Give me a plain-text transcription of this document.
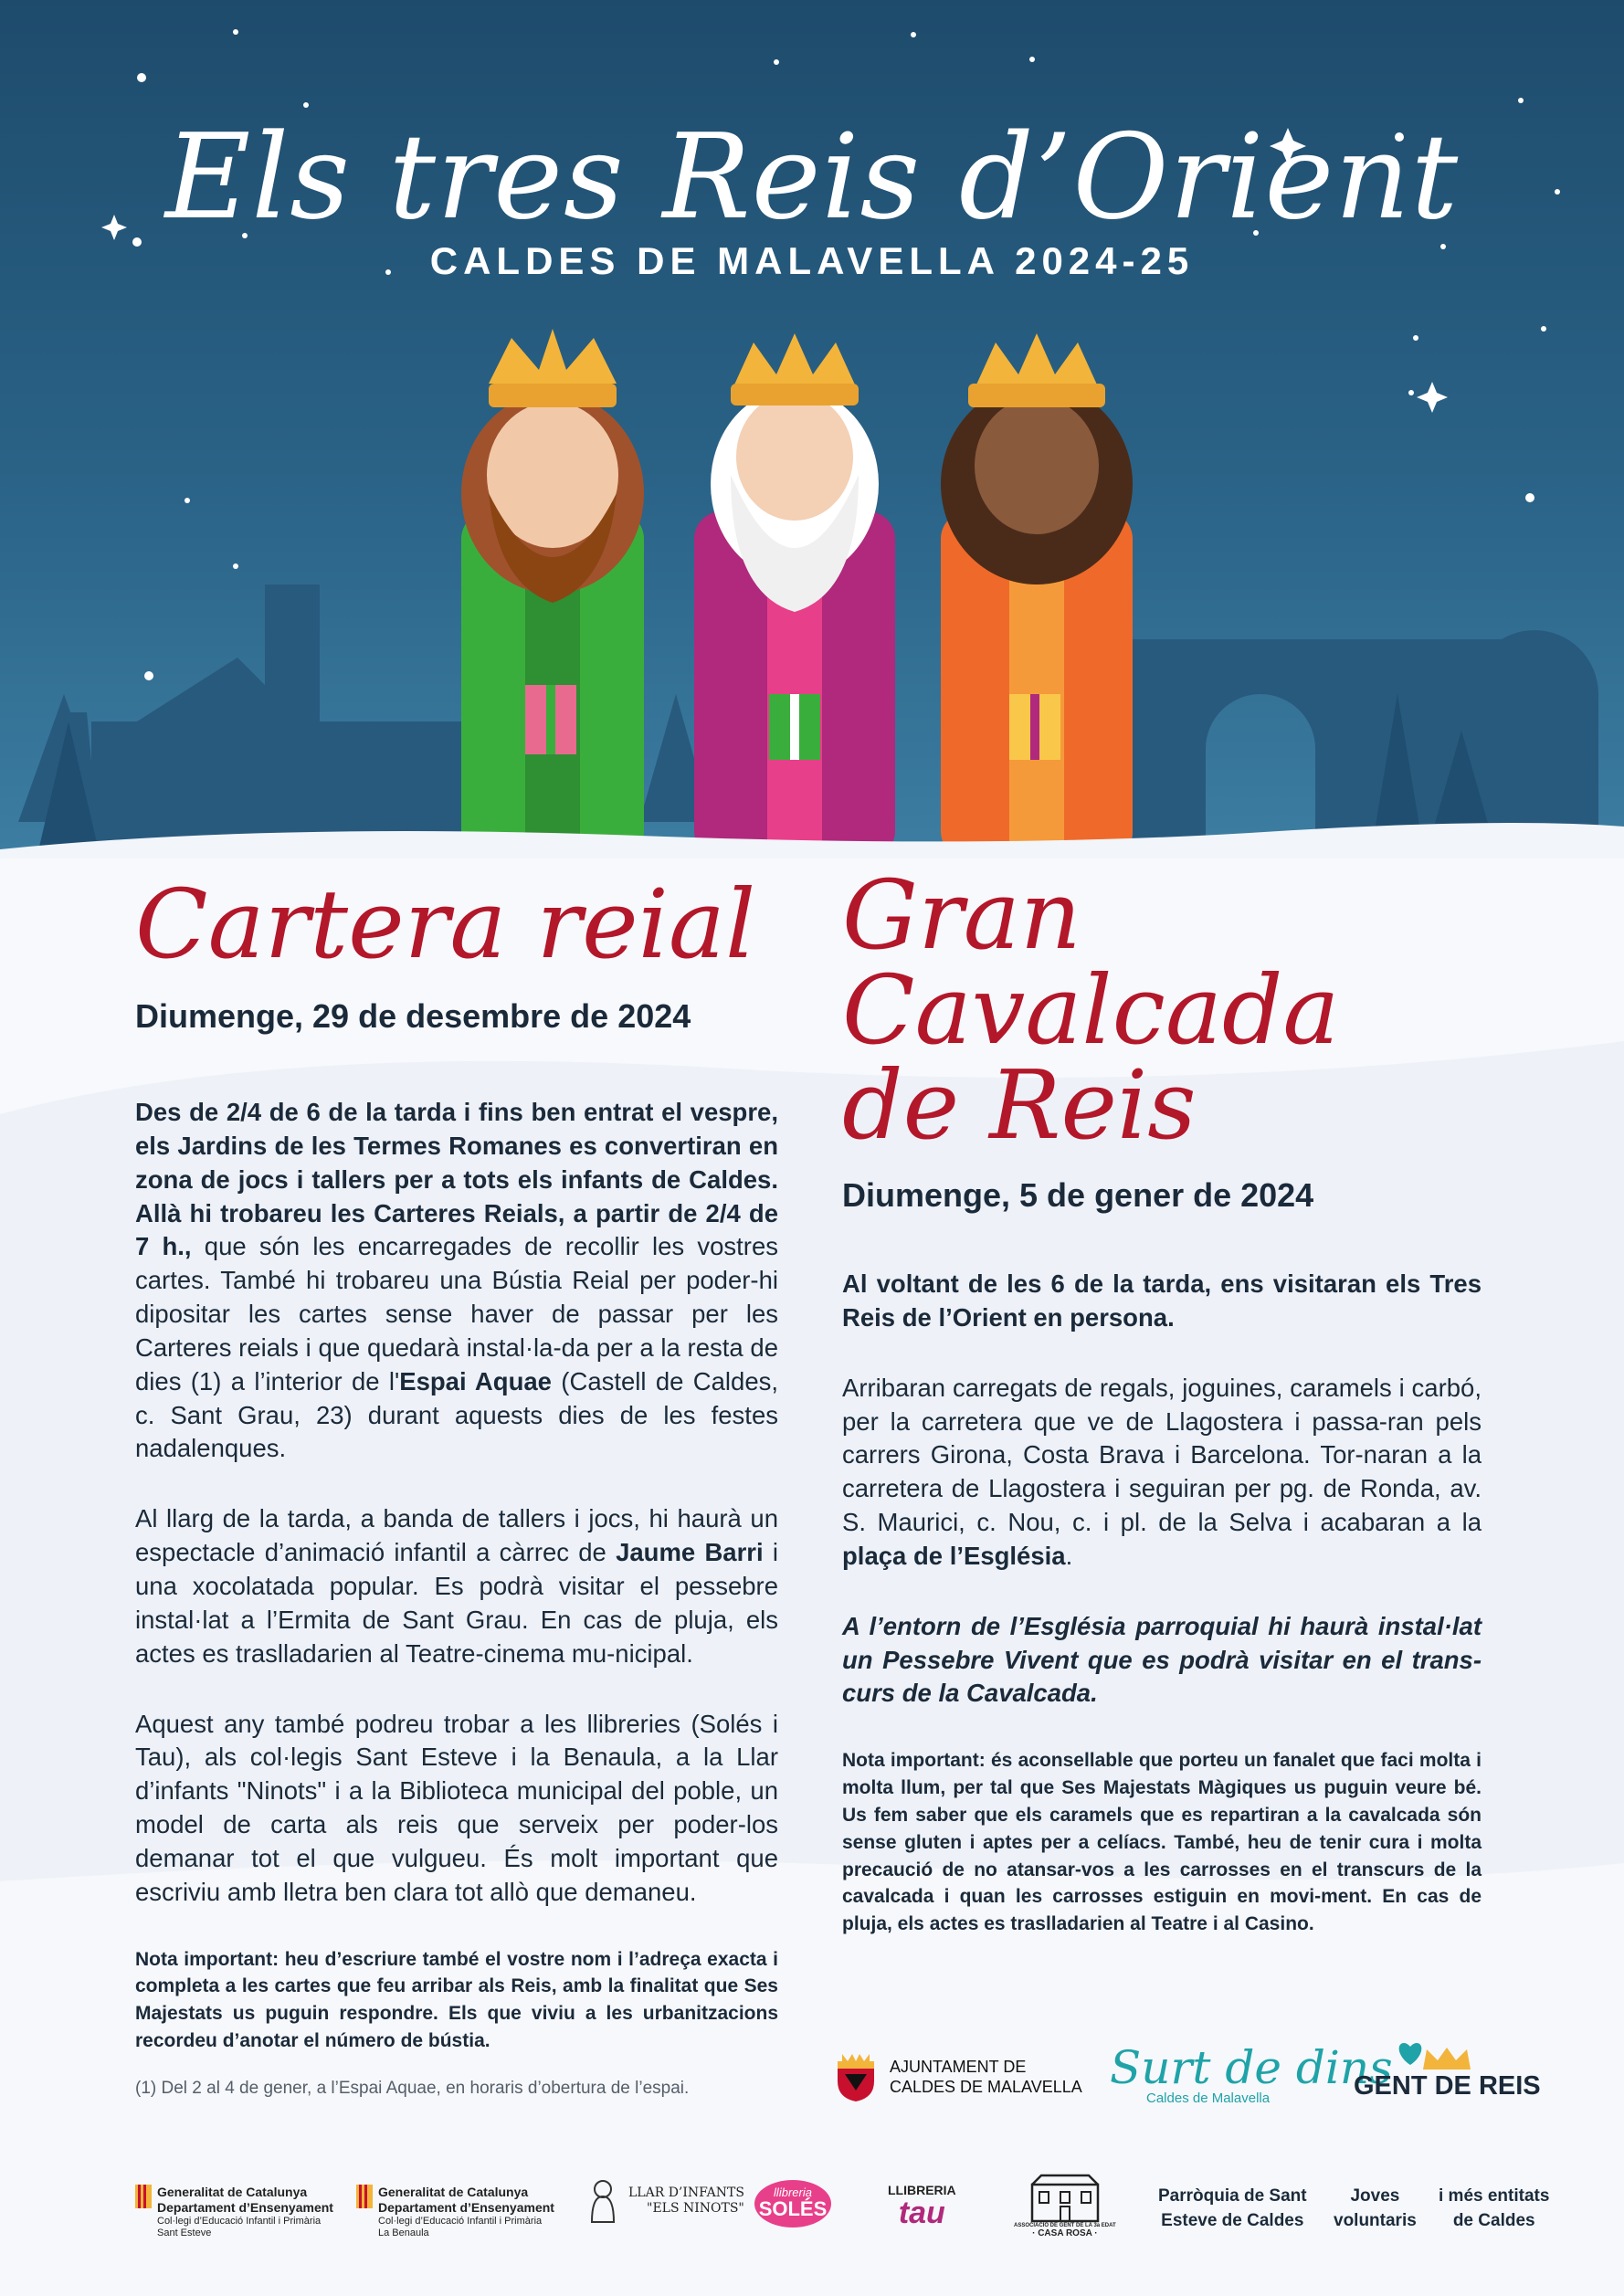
Els tres Reis d’Orient
CALDES DE MALAVELLA 2024-25
Cartera reial
Diumenge, 29 de desembre de 2024

Des de 2/4 de 6 de la tarda i fins ben entrat el vespre, els Jardins de les Termes Romanes es convertiran en zona de jocs i tallers per a tots els infants de Caldes. Allà hi trobareu les Carteres Reials, a partir de 2/4 de 7 h., que són les encarregades de recollir les vostres cartes. També hi trobareu una Bústia Reial per poder-hi dipositar les cartes sense haver de passar per les Carteres reials i que quedarà instal·la-da per a la resta de dies (1) a l’interior de l'Espai Aquae (Castell de Caldes, c. Sant Grau, 23) durant aquests dies de les festes nadalenques.

Al llarg de la tarda, a banda de tallers i jocs, hi haurà un espectacle d’animació infantil a càrrec de Jaume Barri i una xocolatada popular. Es podrà visitar el pessebre instal·lat a l’Ermita de Sant Grau. En cas de pluja, els actes es traslladarien al Teatre-cinema mu-nicipal.

Aquest any també podreu trobar a les llibreries (Solés i Tau), als col·legis Sant Esteve i la Benaula, a la Llar d’infants "Ninots" i a la Biblioteca municipal del poble, un model de carta als reis que serveix per poder-los demanar tot el que vulgueu. És molt important que escriviu amb lletra ben clara tot allò que demaneu.

Nota important: heu d’escriure també el vostre nom i l’adreça exacta i completa a les cartes que feu arribar als Reis, amb la finalitat que Ses Majestats us puguin respondre. Els que viviu a les urbanitzacions recordeu d’anotar el número de bústia.

(1) Del 2 al 4 de gener, a l’Espai Aquae, en horaris d’obertura de l’espai.

Gran Cavalcada
de Reis
Diumenge, 5 de gener de 2024

Al voltant de les 6 de la tarda, ens visitaran els Tres Reis de l’Orient en persona.

Arribaran carregats de regals, joguines, caramels i carbó, per la carretera que ve de Llagostera i passa-ran pels carrers Girona, Costa Brava i Barcelona. Tor-naran a la carretera de Llagostera i seguiran per pg. de Ronda, av. S. Maurici, c. Nou, c. i pl. de la Selva i acabaran a la plaça de l’Església.

A l’entorn de l’Església parroquial hi haurà instal·lat un Pessebre Vivent que es podrà visitar en el trans-curs de la Cavalcada.

Nota important: és aconsellable que porteu un fanalet que faci molta i molta llum, per tal que Ses Majestats Màgiques us puguin veure bé. Us fem saber que els caramels que es repartiran a la cavalcada són sense gluten i aptes per a celíacs. També, heu de tenir cura i molta precaució de no atansar-vos a les carrosses en el transcurs de la cavalcada i quan les carrosses estiguin en movi-ment. En cas de pluja, els actes es traslladarien al Teatre i al Casino.

AJUNTAMENT DE
CALDES DE MALAVELLA Surt de dins
Caldes de Malavella	GENT DE REIS
Generalitat de Catalunya
Departament d’Ensenyament
Col·legi d’Educació Infantil i Primària
Sant Esteve
Generalitat de Catalunya
Departament d’Ensenyament
Col·legi d’Educació Infantil i Primària
La Benaula
LLAR D’INFANTS
"ELS NINOTS"
llibreria
SOLÉS
LLIBRERIA
tau	ASSOCIACIÓ DE GENT DE LA 3a EDAT
· CASA ROSA ·
Parròquia de Sant
Esteve de Caldes
Joves
voluntaris
i més entitats
de Caldes
